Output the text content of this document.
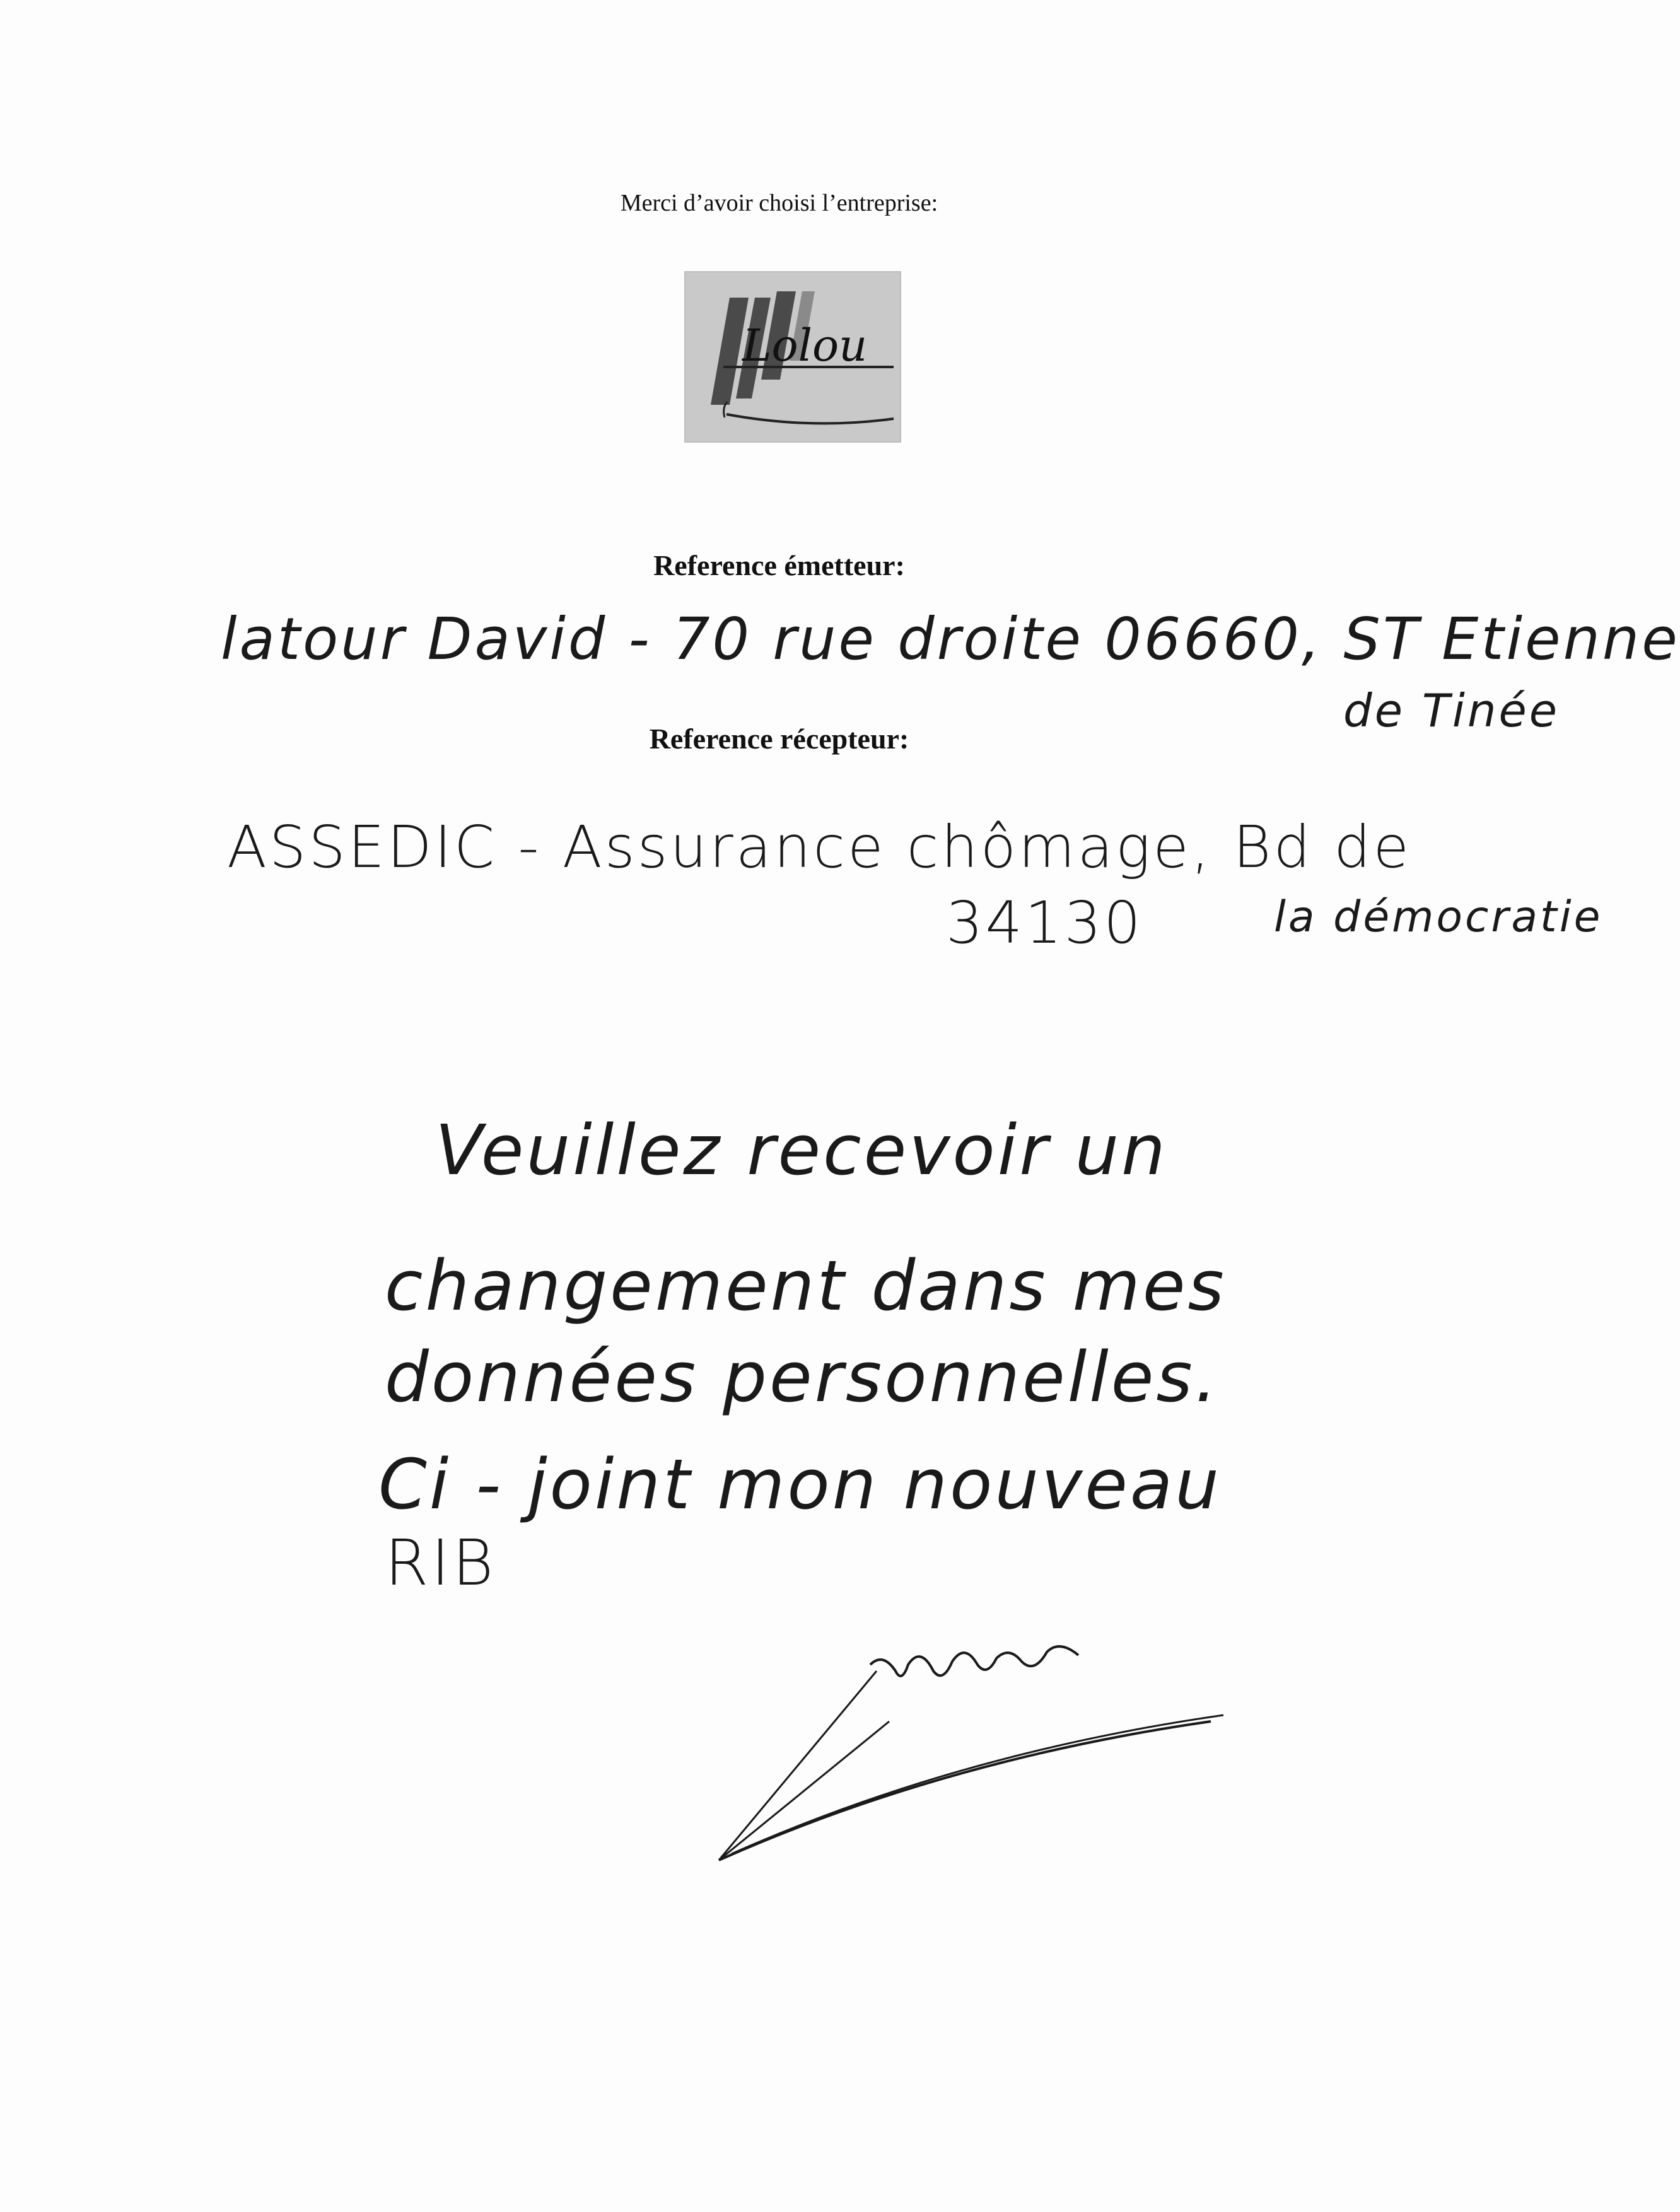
Merci d’avoir choisi l’entreprise:
Lolou
Reference émetteur:
latour David - 70 rue droite 06660, ST Etienne
de Tinée
Reference récepteur:
ASSEDIC - Assurance chômage, Bd de
34130	la démocratie
Veuillez recevoir un
changement dans mes
données personnelles.
Ci - joint mon nouveau
RIB
